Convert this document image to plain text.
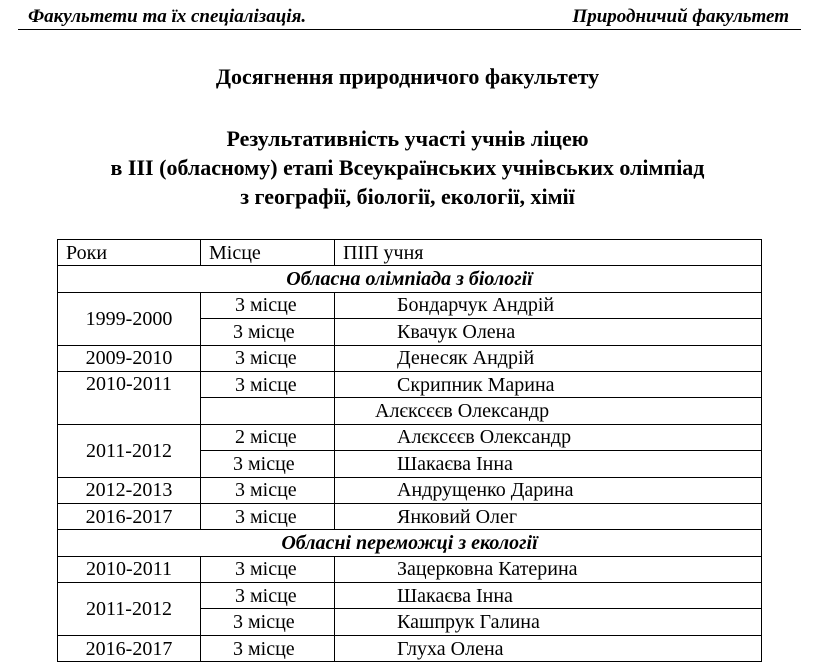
Факультети та їх спеціалізація.	Природничий факультет
Досягнення природничого факультету
Результативність участі учнів ліцею
в ІІІ (обласному) етапі Всеукраїнських учнівських олімпіад
з географії, біології, екології, хімії
Роки	Місце	ПІП учня
Обласна олімпіада з біології		
1999-2000	3 місце	Бондарчук Андрій
	3 місце	Квачук Олена
2009-2010	3 місце	Денесяк Андрій
2010-2011	3 місце	Скрипник Марина
		Алєксєєв Олександр
2011-2012	2 місце	Алєксєєв Олександр
	3 місце	Шакаєва Інна
2012-2013	3 місце	Андрущенко Дарина
2016-2017	3 місце	Янковий Олег
Обласні переможці з екології		
2010-2011	3 місце	Зацерковна Катерина
2011-2012	3 місце	Шакаєва Інна
	3 місце	Кашпрук Галина
2016-2017	3 місце	Глуха Олена
